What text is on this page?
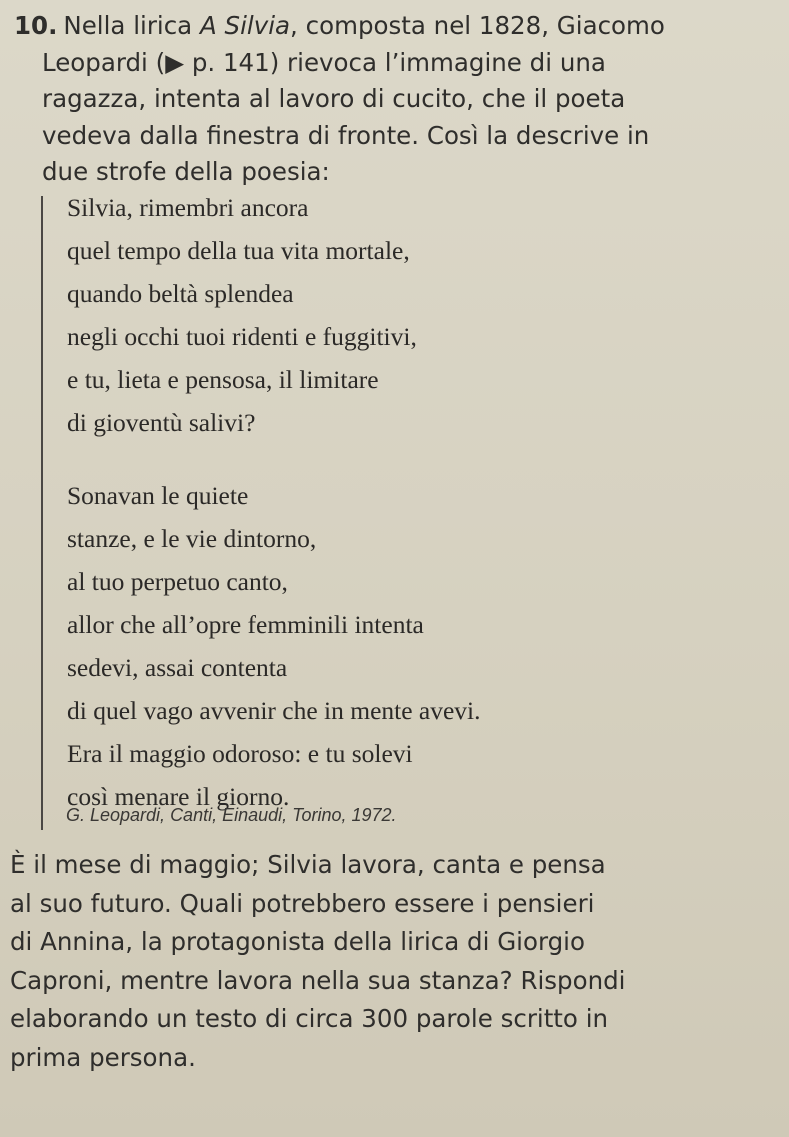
10. Nella lirica A Silvia, composta nel 1828, Giacomo
Leopardi (▶ p. 141) rievoca l’immagine di una
ragazza, intenta al lavoro di cucito, che il poeta
vedeva dalla finestra di fronte. Così la descrive in
due strofe della poesia:
Silvia, rimembri ancora
quel tempo della tua vita mortale,
quando beltà splendea
negli occhi tuoi ridenti e fuggitivi,
e tu, lieta e pensosa, il limitare
di gioventù salivi?
Sonavan le quiete
stanze, e le vie dintorno,
al tuo perpetuo canto,
allor che all’opre femminili intenta
sedevi, assai contenta
di quel vago avvenir che in mente avevi.
Era il maggio odoroso: e tu solevi
così menare il giorno.
G. Leopardi, Canti, Einaudi, Torino, 1972.
È il mese di maggio; Silvia lavora, canta e pensa
al suo futuro. Quali potrebbero essere i pensieri
di Annina, la protagonista della lirica di Giorgio
Caproni, mentre lavora nella sua stanza? Rispondi
elaborando un testo di circa 300 parole scritto in
prima persona.
